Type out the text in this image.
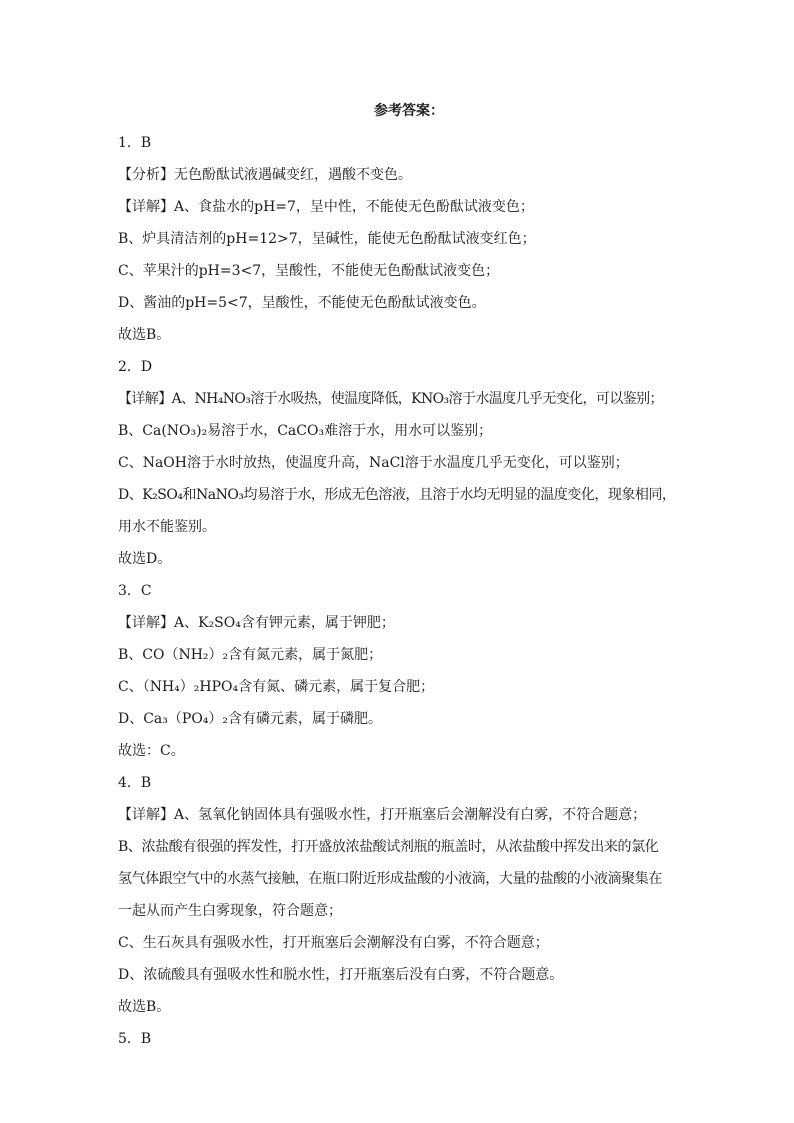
参考答案：
1．B
【分析】无色酚酞试液遇碱变红，遇酸不变色。
【详解】A、食盐水的pH=7，呈中性，不能使无色酚酞试液变色；
B、炉具清洁剂的pH=12>7，呈碱性，能使无色酚酞试液变红色；
C、苹果汁的pH=3<7，呈酸性，不能使无色酚酞试液变色；
D、酱油的pH=5<7，呈酸性，不能使无色酚酞试液变色。
故选B。
2．D
【详解】A、NH₄NO₃溶于水吸热，使温度降低，KNO₃溶于水温度几乎无变化，可以鉴别；
B、Ca(NO₃)₂易溶于水，CaCO₃难溶于水，用水可以鉴别；
C、NaOH溶于水时放热，使温度升高，NaCl溶于水温度几乎无变化，可以鉴别；
D、K₂SO₄和NaNO₃均易溶于水，形成无色溶液，且溶于水均无明显的温度变化，现象相同，
用水不能鉴别。
故选D。
3．C
【详解】A、K₂SO₄含有钾元素，属于钾肥；
B、CO（NH₂）₂含有氮元素，属于氮肥；
C、（NH₄）₂HPO₄含有氮、磷元素，属于复合肥；
D、Ca₃（PO₄）₂含有磷元素，属于磷肥。
故选：C。
4．B
【详解】A、氢氧化钠固体具有强吸水性，打开瓶塞后会潮解没有白雾，不符合题意；
B、浓盐酸有很强的挥发性，打开盛放浓盐酸试剂瓶的瓶盖时，从浓盐酸中挥发出来的氯化
氢气体跟空气中的水蒸气接触，在瓶口附近形成盐酸的小液滴，大量的盐酸的小液滴聚集在
一起从而产生白雾现象，符合题意；
C、生石灰具有强吸水性，打开瓶塞后会潮解没有白雾，不符合题意；
D、浓硫酸具有强吸水性和脱水性，打开瓶塞后没有白雾，不符合题意。
故选B。
5．B
